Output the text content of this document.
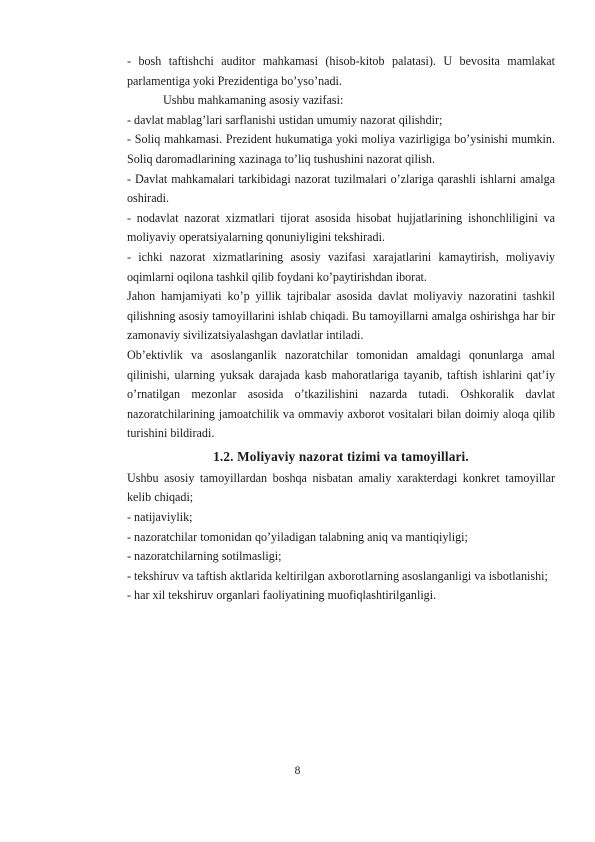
- bosh taftishchi auditor mahkamasi (hisob-kitob palatasi). U bevosita mamlakat parlamentiga yoki Prezidentiga bo’yso’nadi.

Ushbu mahkamaning asosiy vazifasi:

- davlat mablag’lari sarflanishi ustidan umumiy nazorat qilishdir;

- Soliq mahkamasi. Prezident hukumatiga yoki moliya vazirligiga bo’ysinishi mumkin. Soliq daromadlarining xazinaga to’liq tushushini nazorat qilish.

- Davlat mahkamalari tarkibidagi nazorat tuzilmalari o’zlariga qarashli ishlarni amalga oshiradi.

- nodavlat nazorat xizmatlari tijorat asosida hisobat hujjatlarining ishonchliligini va moliyaviy operatsiyalarning qonuniyligini tekshiradi.

- ichki nazorat xizmatlarining asosiy vazifasi xarajatlarini kamaytirish, moliyaviy oqimlarni oqilona tashkil qilib foydani ko’paytirishdan iborat.

Jahon hamjamiyati ko’p yillik tajribalar asosida davlat moliyaviy nazoratini tashkil qilishning asosiy tamoyillarini ishlab chiqadi. Bu tamoyillarni amalga oshirishga har bir zamonaviy sivilizatsiyalashgan davlatlar intiladi.

Ob’ektivlik va asoslanganlik nazoratchilar tomonidan amaldagi qonunlarga amal qilinishi, ularning yuksak darajada kasb mahoratlariga tayanib, taftish ishlarini qat’iy o’rnatilgan mezonlar asosida o’tkazilishini nazarda tutadi. Oshkoralik davlat nazoratchilarining jamoatchilik va ommaviy axborot vositalari bilan doimiy aloqa qilib turishini bildiradi.

1.2. Moliyaviy nazorat tizimi va tamoyillari.

Ushbu asosiy tamoyillardan boshqa nisbatan amaliy xarakterdagi konkret tamoyillar kelib chiqadi;

- natijaviylik;

- nazoratchilar tomonidan qo’yiladigan talabning aniq va mantiqiyligi;

- nazoratchilarning sotilmasligi;

- tekshiruv va taftish aktlarida keltirilgan axborotlarning asoslanganligi va isbotlanishi;

- har xil tekshiruv organlari faoliyatining muofiqlashtirilganligi.

8
